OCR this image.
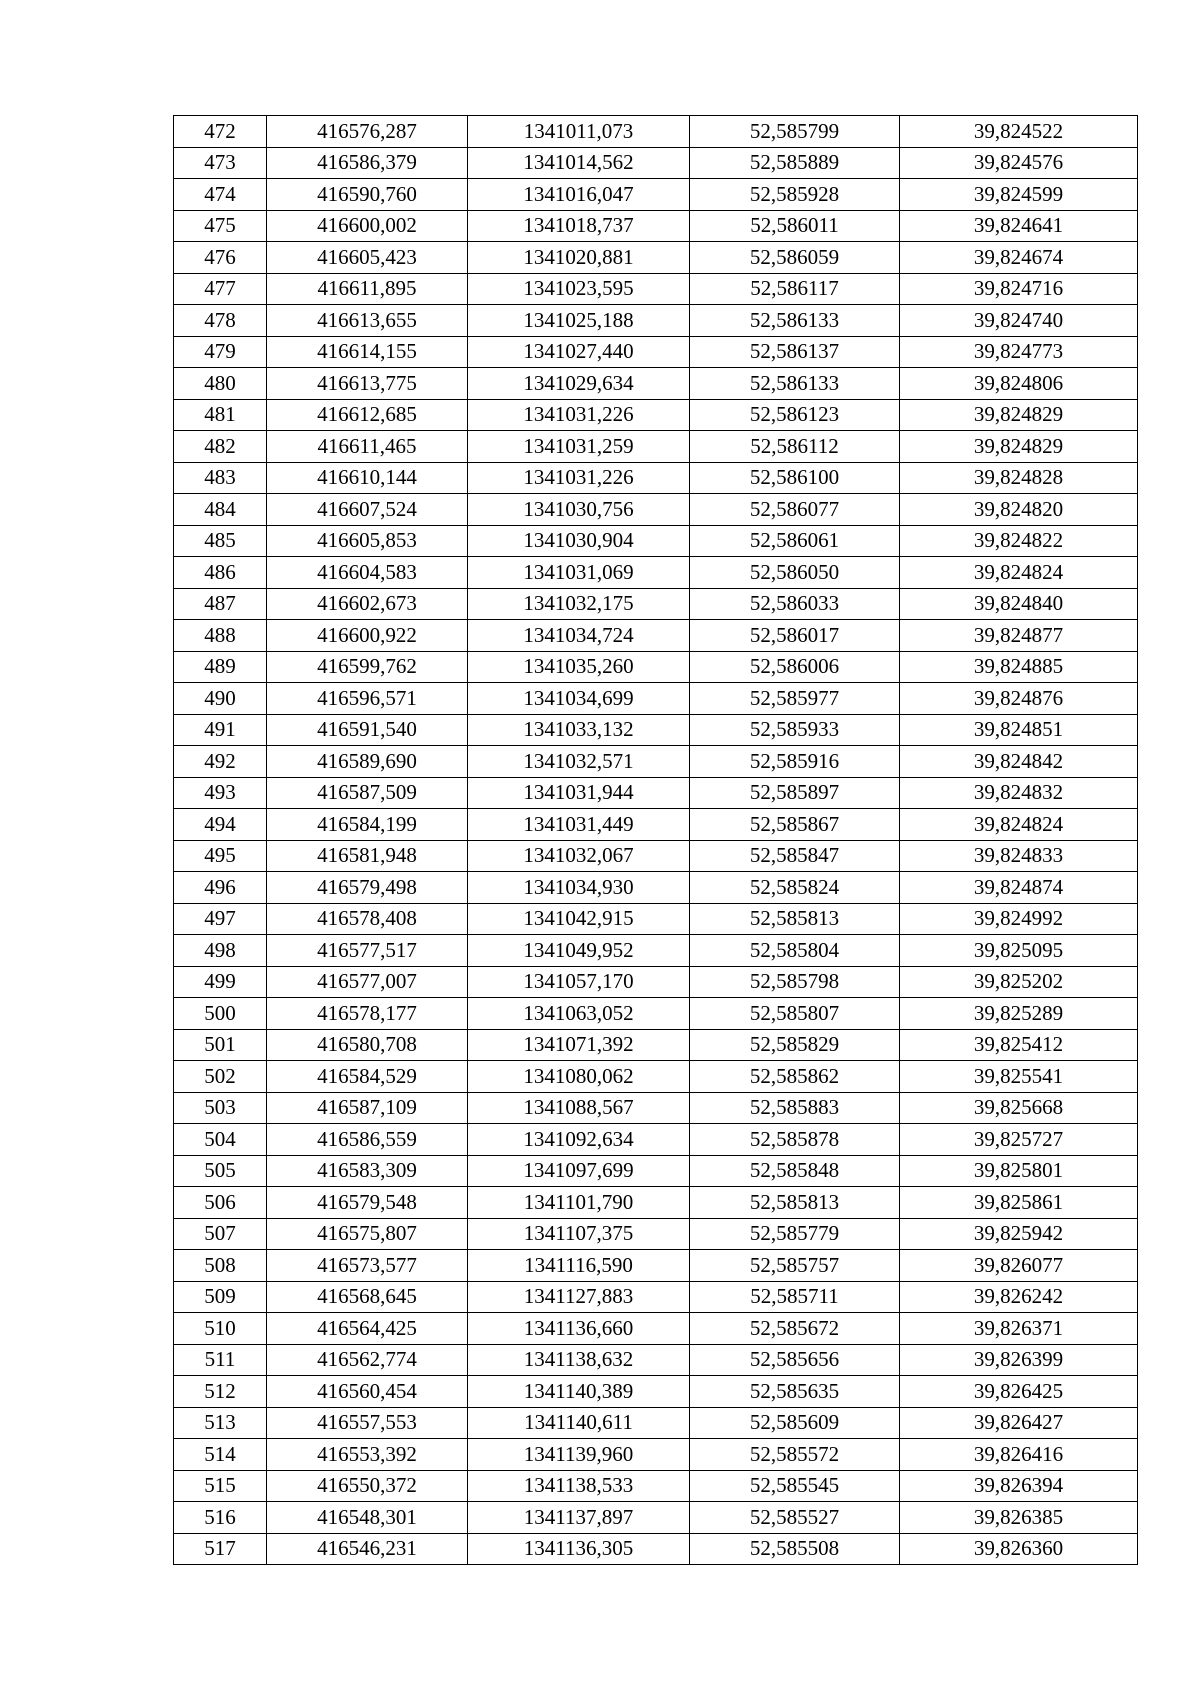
472	416576,287	1341011,073	52,585799	39,824522
473	416586,379	1341014,562	52,585889	39,824576
474	416590,760	1341016,047	52,585928	39,824599
475	416600,002	1341018,737	52,586011	39,824641
476	416605,423	1341020,881	52,586059	39,824674
477	416611,895	1341023,595	52,586117	39,824716
478	416613,655	1341025,188	52,586133	39,824740
479	416614,155	1341027,440	52,586137	39,824773
480	416613,775	1341029,634	52,586133	39,824806
481	416612,685	1341031,226	52,586123	39,824829
482	416611,465	1341031,259	52,586112	39,824829
483	416610,144	1341031,226	52,586100	39,824828
484	416607,524	1341030,756	52,586077	39,824820
485	416605,853	1341030,904	52,586061	39,824822
486	416604,583	1341031,069	52,586050	39,824824
487	416602,673	1341032,175	52,586033	39,824840
488	416600,922	1341034,724	52,586017	39,824877
489	416599,762	1341035,260	52,586006	39,824885
490	416596,571	1341034,699	52,585977	39,824876
491	416591,540	1341033,132	52,585933	39,824851
492	416589,690	1341032,571	52,585916	39,824842
493	416587,509	1341031,944	52,585897	39,824832
494	416584,199	1341031,449	52,585867	39,824824
495	416581,948	1341032,067	52,585847	39,824833
496	416579,498	1341034,930	52,585824	39,824874
497	416578,408	1341042,915	52,585813	39,824992
498	416577,517	1341049,952	52,585804	39,825095
499	416577,007	1341057,170	52,585798	39,825202
500	416578,177	1341063,052	52,585807	39,825289
501	416580,708	1341071,392	52,585829	39,825412
502	416584,529	1341080,062	52,585862	39,825541
503	416587,109	1341088,567	52,585883	39,825668
504	416586,559	1341092,634	52,585878	39,825727
505	416583,309	1341097,699	52,585848	39,825801
506	416579,548	1341101,790	52,585813	39,825861
507	416575,807	1341107,375	52,585779	39,825942
508	416573,577	1341116,590	52,585757	39,826077
509	416568,645	1341127,883	52,585711	39,826242
510	416564,425	1341136,660	52,585672	39,826371
511	416562,774	1341138,632	52,585656	39,826399
512	416560,454	1341140,389	52,585635	39,826425
513	416557,553	1341140,611	52,585609	39,826427
514	416553,392	1341139,960	52,585572	39,826416
515	416550,372	1341138,533	52,585545	39,826394
516	416548,301	1341137,897	52,585527	39,826385
517	416546,231	1341136,305	52,585508	39,826360
